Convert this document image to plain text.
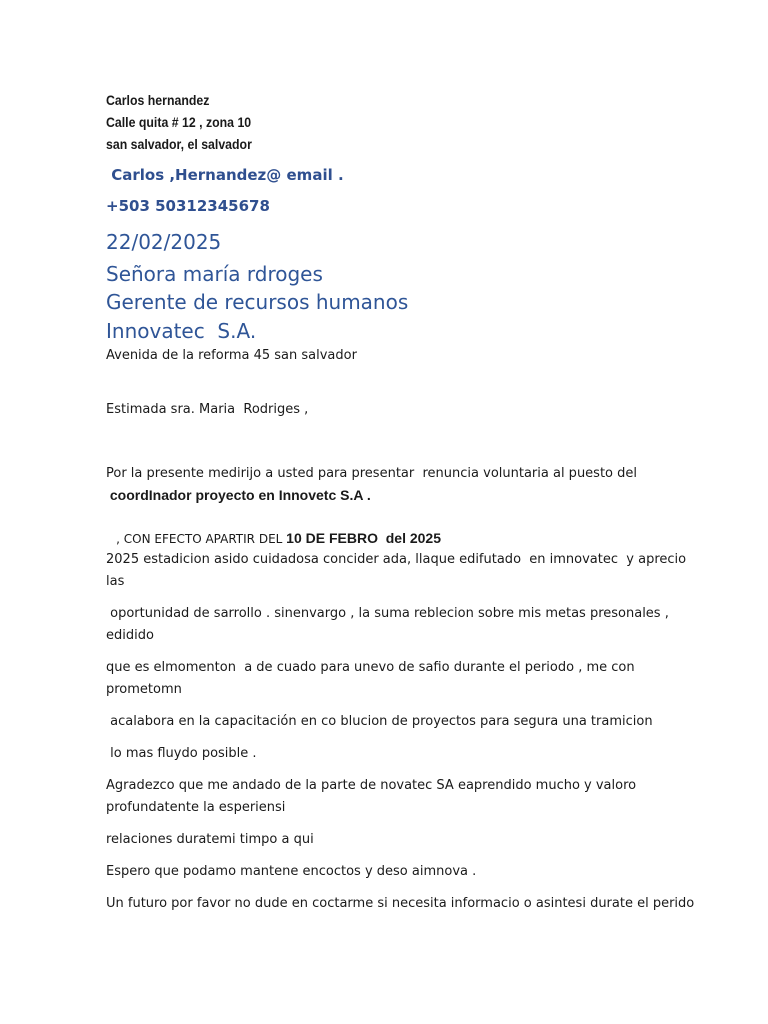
Carlos hernandez
Calle quita # 12 , zona 10
san salvador, el salvador
Carlos ,Hernandez@ email .
+503 50312345678
22/02/2025
Señora maría rdroges
Gerente de recursos humanos
Innovatec  S.A.
Avenida de la reforma 45 san salvador
Estimada sra. Maria  Rodriges ,
Por la presente medirijo a usted para presentar  renuncia voluntaria al puesto del
coordInador proyecto en Innovetc S.A .

, CON EFECTO APARTIR DEL 10 DE FEBRO  del 2025

2025 estadicion asido cuidadosa concider ada, llaque edifutado  en imnovatec  y aprecio
las
oportunidad de sarrollo . sinenvargo , la suma reblecion sobre mis metas presonales ,
edidido
que es elmomenton  a de cuado para unevo de safio durante el periodo , me con
prometomn
acalabora en la capacitación en co blucion de proyectos para segura una tramicion
lo mas fluydo posible .
Agradezco que me andado de la parte de novatec SA eaprendido mucho y valoro
profundatente la esperiensi
relaciones duratemi timpo a qui
Espero que podamo mantene encoctos y deso aimnova .
Un futuro por favor no dude en coctarme si necesita informacio o asintesi durate el perido
